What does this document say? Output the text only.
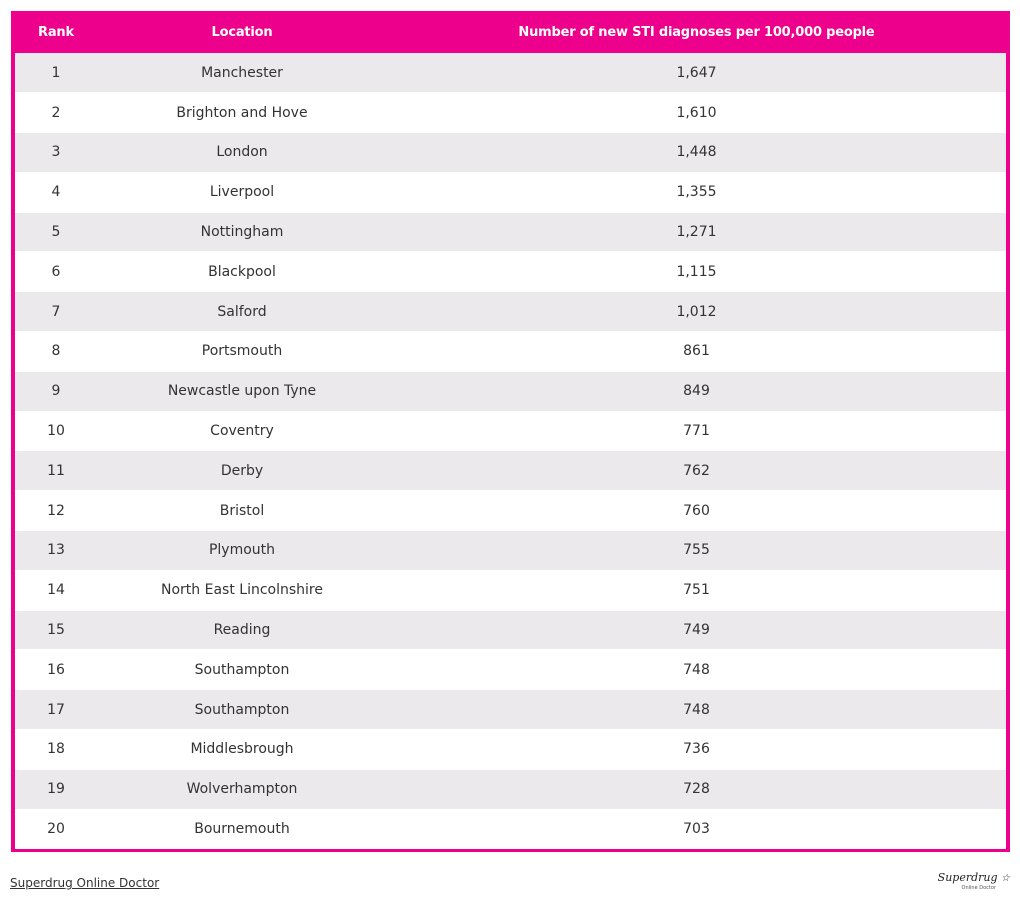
Rank	Location	Number of new STI diagnoses per 100,000 people
1	Manchester	1,647
2	Brighton and Hove	1,610
3	London	1,448
4	Liverpool	1,355
5	Nottingham	1,271
6	Blackpool	1,115
7	Salford	1,012
8	Portsmouth	861
9	Newcastle upon Tyne	849
10	Coventry	771
11	Derby	762
12	Bristol	760
13	Plymouth	755
14	North East Lincolnshire	751
15	Reading	749
16	Southampton	748
17	Southampton	748
18	Middlesbrough	736
19	Wolverhampton	728
20	Bournemouth	703
Superdrug Online Doctor	Superdrug ☆
Online Doctor
